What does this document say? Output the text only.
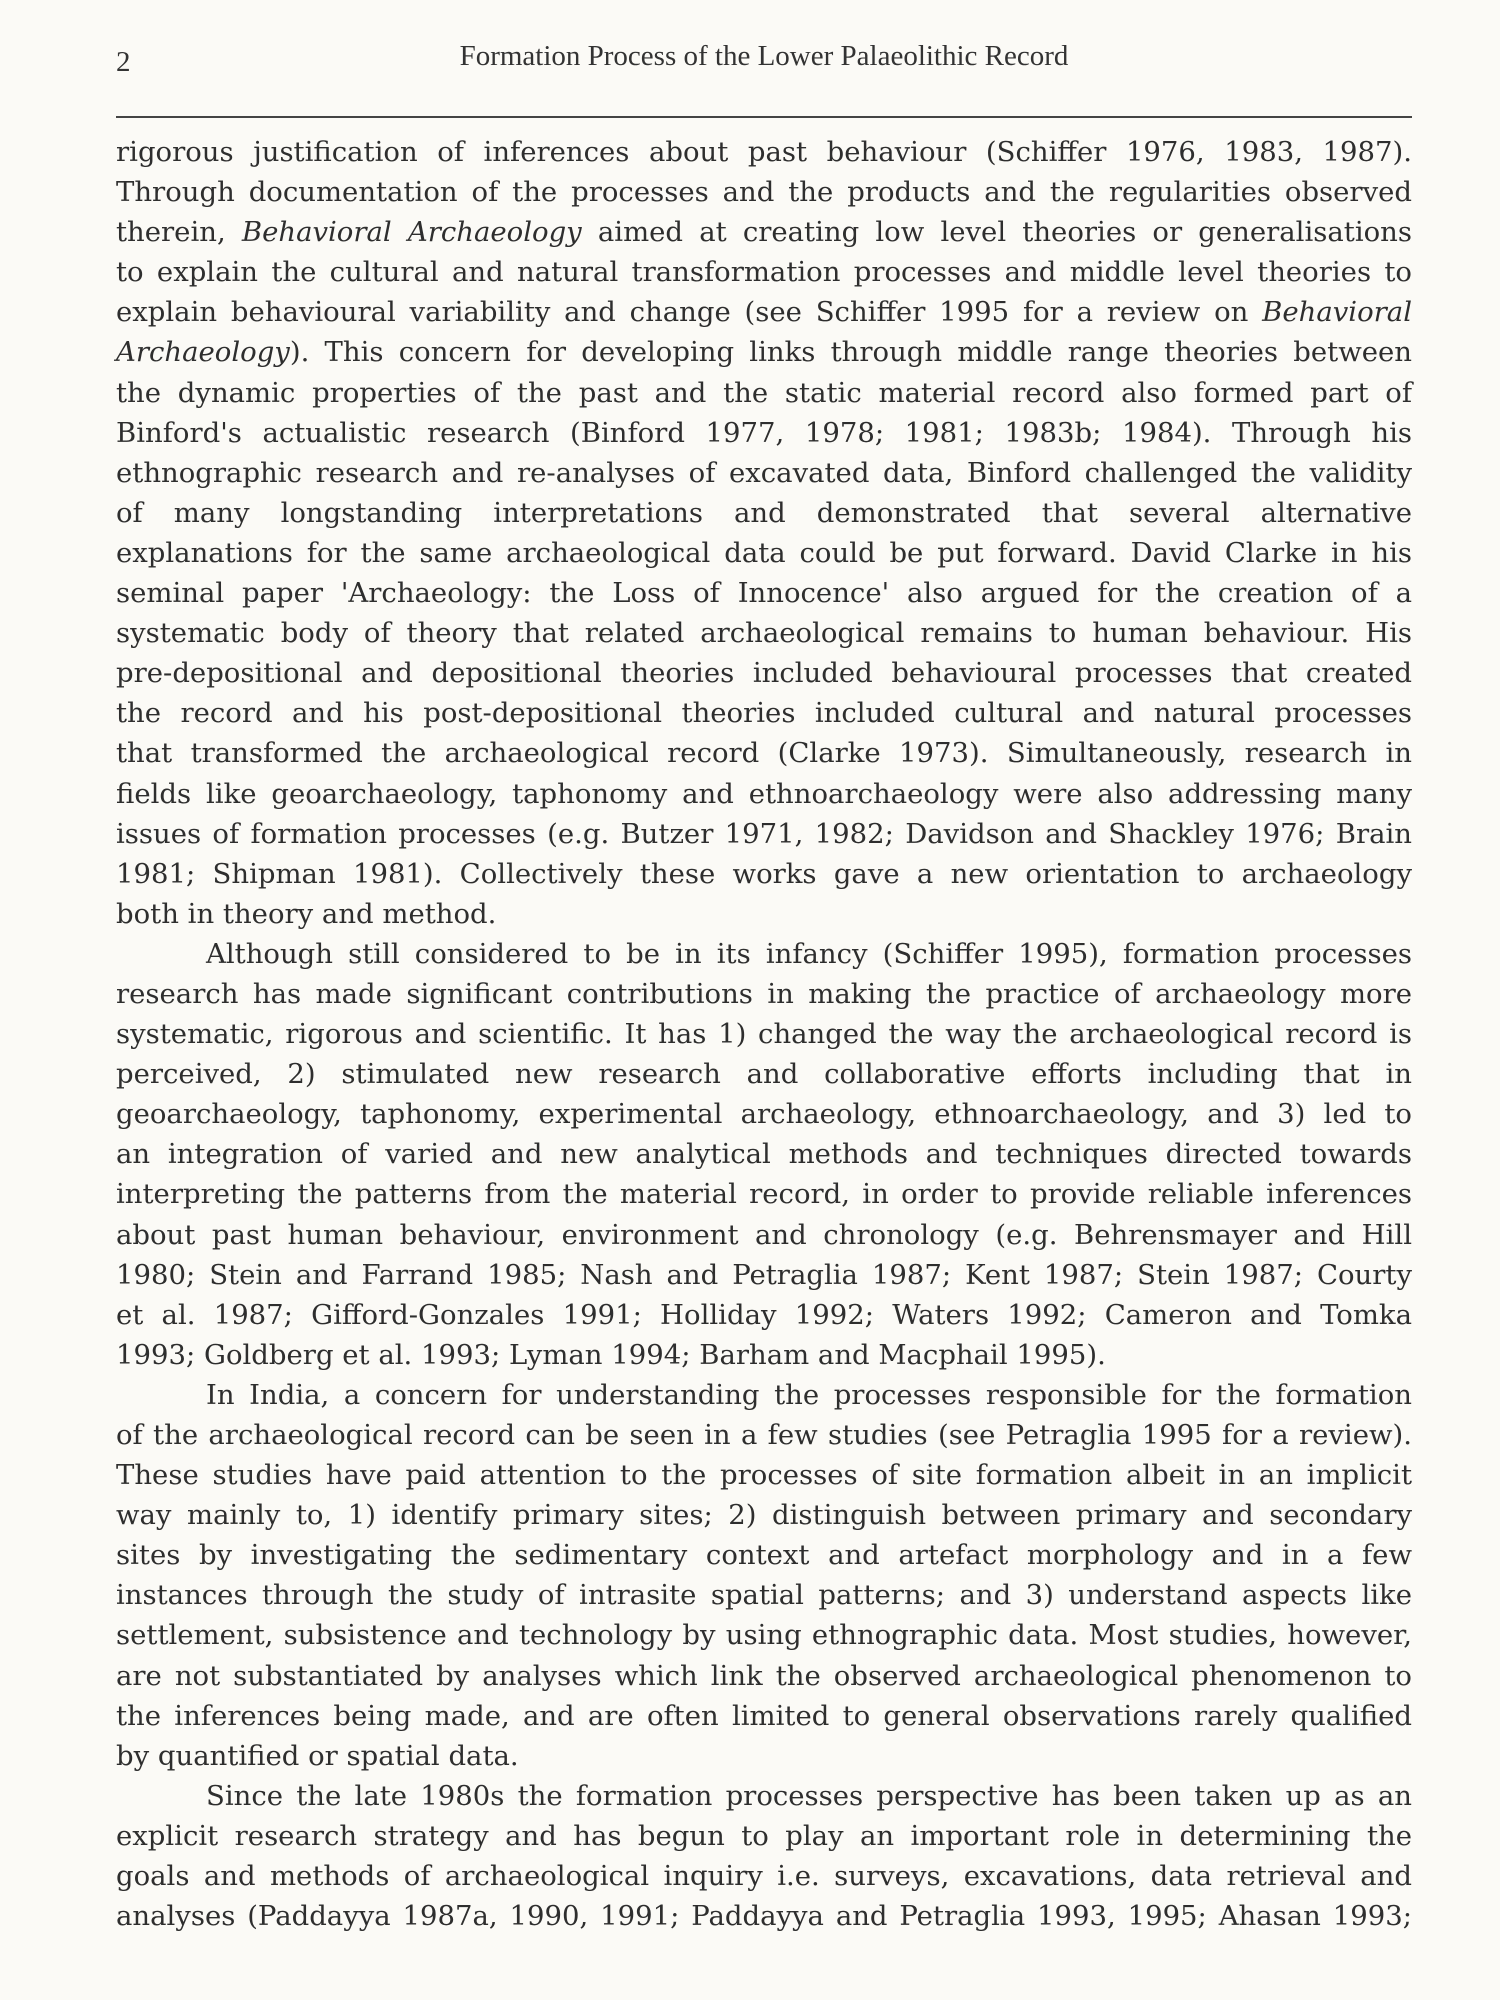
2	Formation Process of the Lower Palaeolithic Record
rigorous justification of inferences about past behaviour (Schiffer 1976, 1983, 1987).
Through documentation of the processes and the products and the regularities observed
therein, Behavioral Archaeology aimed at creating low level theories or generalisations
to explain the cultural and natural transformation processes and middle level theories to
explain behavioural variability and change (see Schiffer 1995 for a review on Behavioral
Archaeology). This concern for developing links through middle range theories between
the dynamic properties of the past and the static material record also formed part of
Binford's actualistic research (Binford 1977, 1978; 1981; 1983b; 1984). Through his
ethnographic research and re-analyses of excavated data, Binford challenged the validity
of many longstanding interpretations and demonstrated that several alternative
explanations for the same archaeological data could be put forward. David Clarke in his
seminal paper 'Archaeology: the Loss of Innocence' also argued for the creation of a
systematic body of theory that related archaeological remains to human behaviour. His
pre-depositional and depositional theories included behavioural processes that created
the record and his post-depositional theories included cultural and natural processes
that transformed the archaeological record (Clarke 1973). Simultaneously, research in
fields like geoarchaeology, taphonomy and ethnoarchaeology were also addressing many
issues of formation processes (e.g. Butzer 1971, 1982; Davidson and Shackley 1976; Brain
1981; Shipman 1981). Collectively these works gave a new orientation to archaeology
both in theory and method.
Although still considered to be in its infancy (Schiffer 1995), formation processes
research has made significant contributions in making the practice of archaeology more
systematic, rigorous and scientific. It has 1) changed the way the archaeological record is
perceived, 2) stimulated new research and collaborative efforts including that in
geoarchaeology, taphonomy, experimental archaeology, ethnoarchaeology, and 3) led to
an integration of varied and new analytical methods and techniques directed towards
interpreting the patterns from the material record, in order to provide reliable inferences
about past human behaviour, environment and chronology (e.g. Behrensmayer and Hill
1980; Stein and Farrand 1985; Nash and Petraglia 1987; Kent 1987; Stein 1987; Courty
et al. 1987; Gifford-Gonzales 1991; Holliday 1992; Waters 1992; Cameron and Tomka
1993; Goldberg et al. 1993; Lyman 1994; Barham and Macphail 1995).
In India, a concern for understanding the processes responsible for the formation
of the archaeological record can be seen in a few studies (see Petraglia 1995 for a review).
These studies have paid attention to the processes of site formation albeit in an implicit
way mainly to, 1) identify primary sites; 2) distinguish between primary and secondary
sites by investigating the sedimentary context and artefact morphology and in a few
instances through the study of intrasite spatial patterns; and 3) understand aspects like
settlement, subsistence and technology by using ethnographic data. Most studies, however,
are not substantiated by analyses which link the observed archaeological phenomenon to
the inferences being made, and are often limited to general observations rarely qualified
by quantified or spatial data.
Since the late 1980s the formation processes perspective has been taken up as an
explicit research strategy and has begun to play an important role in determining the
goals and methods of archaeological inquiry i.e. surveys, excavations, data retrieval and
analyses (Paddayya 1987a, 1990, 1991; Paddayya and Petraglia 1993, 1995; Ahasan 1993;
